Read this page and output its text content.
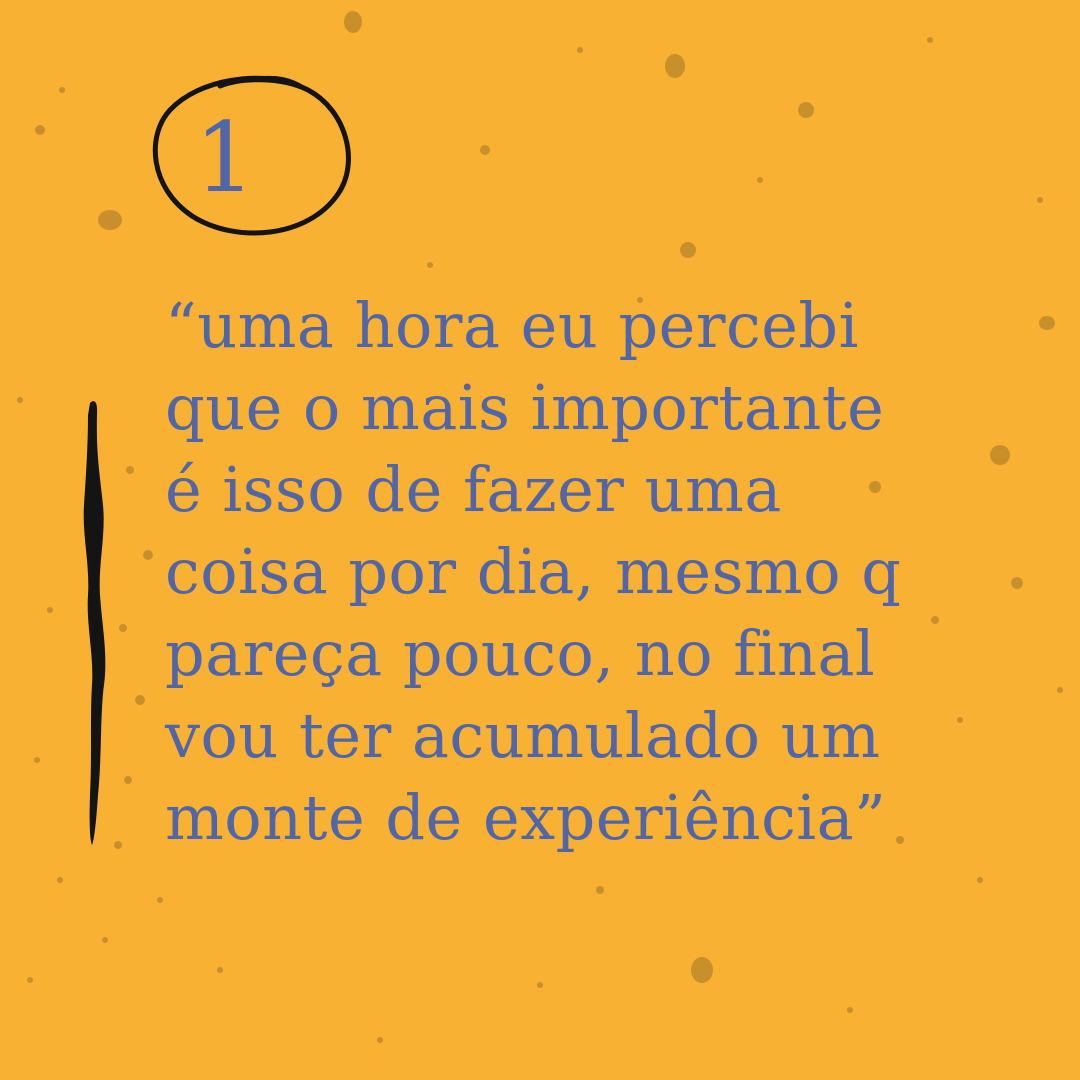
1
“uma hora eu percebi
que o mais importante
é isso de fazer uma
coisa por dia, mesmo q
pareça pouco, no final
vou ter acumulado um
monte de experiência”
